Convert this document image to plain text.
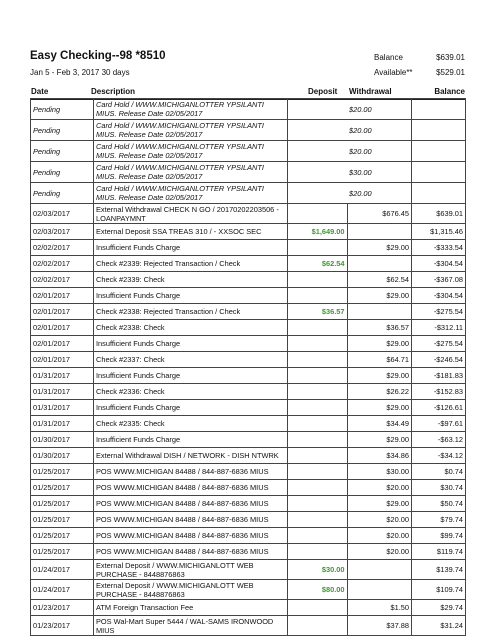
Easy Checking--98 *8510
Jan 5 - Feb 3, 2017 30 days
Balance	$639.01
Available**	$529.01
Date	Description	Deposit Withdrawal	Balance
Pending	Card Hold / WWW.MICHIGANLOTTER YPSILANTI MIUS. Release Date 02/05/2017		$20.00	
Pending	Card Hold / WWW.MICHIGANLOTTER YPSILANTI MIUS. Release Date 02/05/2017		$20.00	
Pending	Card Hold / WWW.MICHIGANLOTTER YPSILANTI MIUS. Release Date 02/05/2017		$20.00	
Pending	Card Hold / WWW.MICHIGANLOTTER YPSILANTI MIUS. Release Date 02/05/2017		$30.00	
Pending	Card Hold / WWW.MICHIGANLOTTER YPSILANTI MIUS. Release Date 02/05/2017		$20.00	
02/03/2017	External Withdrawal CHECK N GO / 20170202203506 - LOANPAYMNT		$676.45	$639.01
02/03/2017	External Deposit SSA TREAS 310 / - XXSOC SEC	$1,649.00		$1,315.46
02/02/2017	Insufficient Funds Charge		$29.00	-$333.54
02/02/2017	Check #2339: Rejected Transaction / Check	$62.54		-$304.54
02/02/2017	Check #2339: Check		$62.54	-$367.08
02/01/2017	Insufficient Funds Charge		$29.00	-$304.54
02/01/2017	Check #2338: Rejected Transaction / Check	$36.57		-$275.54
02/01/2017	Check #2338: Check		$36.57	-$312.11
02/01/2017	Insufficient Funds Charge		$29.00	-$275.54
02/01/2017	Check #2337: Check		$64.71	-$246.54
01/31/2017	Insufficient Funds Charge		$29.00	-$181.83
01/31/2017	Check #2336: Check		$26.22	-$152.83
01/31/2017	Insufficient Funds Charge		$29.00	-$126.61
01/31/2017	Check #2335: Check		$34.49	-$97.61
01/30/2017	Insufficient Funds Charge		$29.00	-$63.12
01/30/2017	External Withdrawal DISH / NETWORK - DISH NTWRK		$34.86	-$34.12
01/25/2017	POS WWW.MICHIGAN 84488 / 844-887-6836 MIUS		$30.00	$0.74
01/25/2017	POS WWW.MICHIGAN 84488 / 844-887-6836 MIUS		$20.00	$30.74
01/25/2017	POS WWW.MICHIGAN 84488 / 844-887-6836 MIUS		$29.00	$50.74
01/25/2017	POS WWW.MICHIGAN 84488 / 844-887-6836 MIUS		$20.00	$79.74
01/25/2017	POS WWW.MICHIGAN 84488 / 844-887-6836 MIUS		$20.00	$99.74
01/25/2017	POS WWW.MICHIGAN 84488 / 844-887-6836 MIUS		$20.00	$119.74
01/24/2017	External Deposit / WWW.MICHIGANLOTT WEB PURCHASE - 8448876863	$30.00		$139.74
01/24/2017	External Deposit / WWW.MICHIGANLOTT WEB PURCHASE - 8448876863	$80.00		$109.74
01/23/2017	ATM Foreign Transaction Fee		$1.50	$29.74
01/23/2017	POS Wal-Mart Super 5444 / WAL-SAMS IRONWOOD MIUS		$37.88	$31.24
